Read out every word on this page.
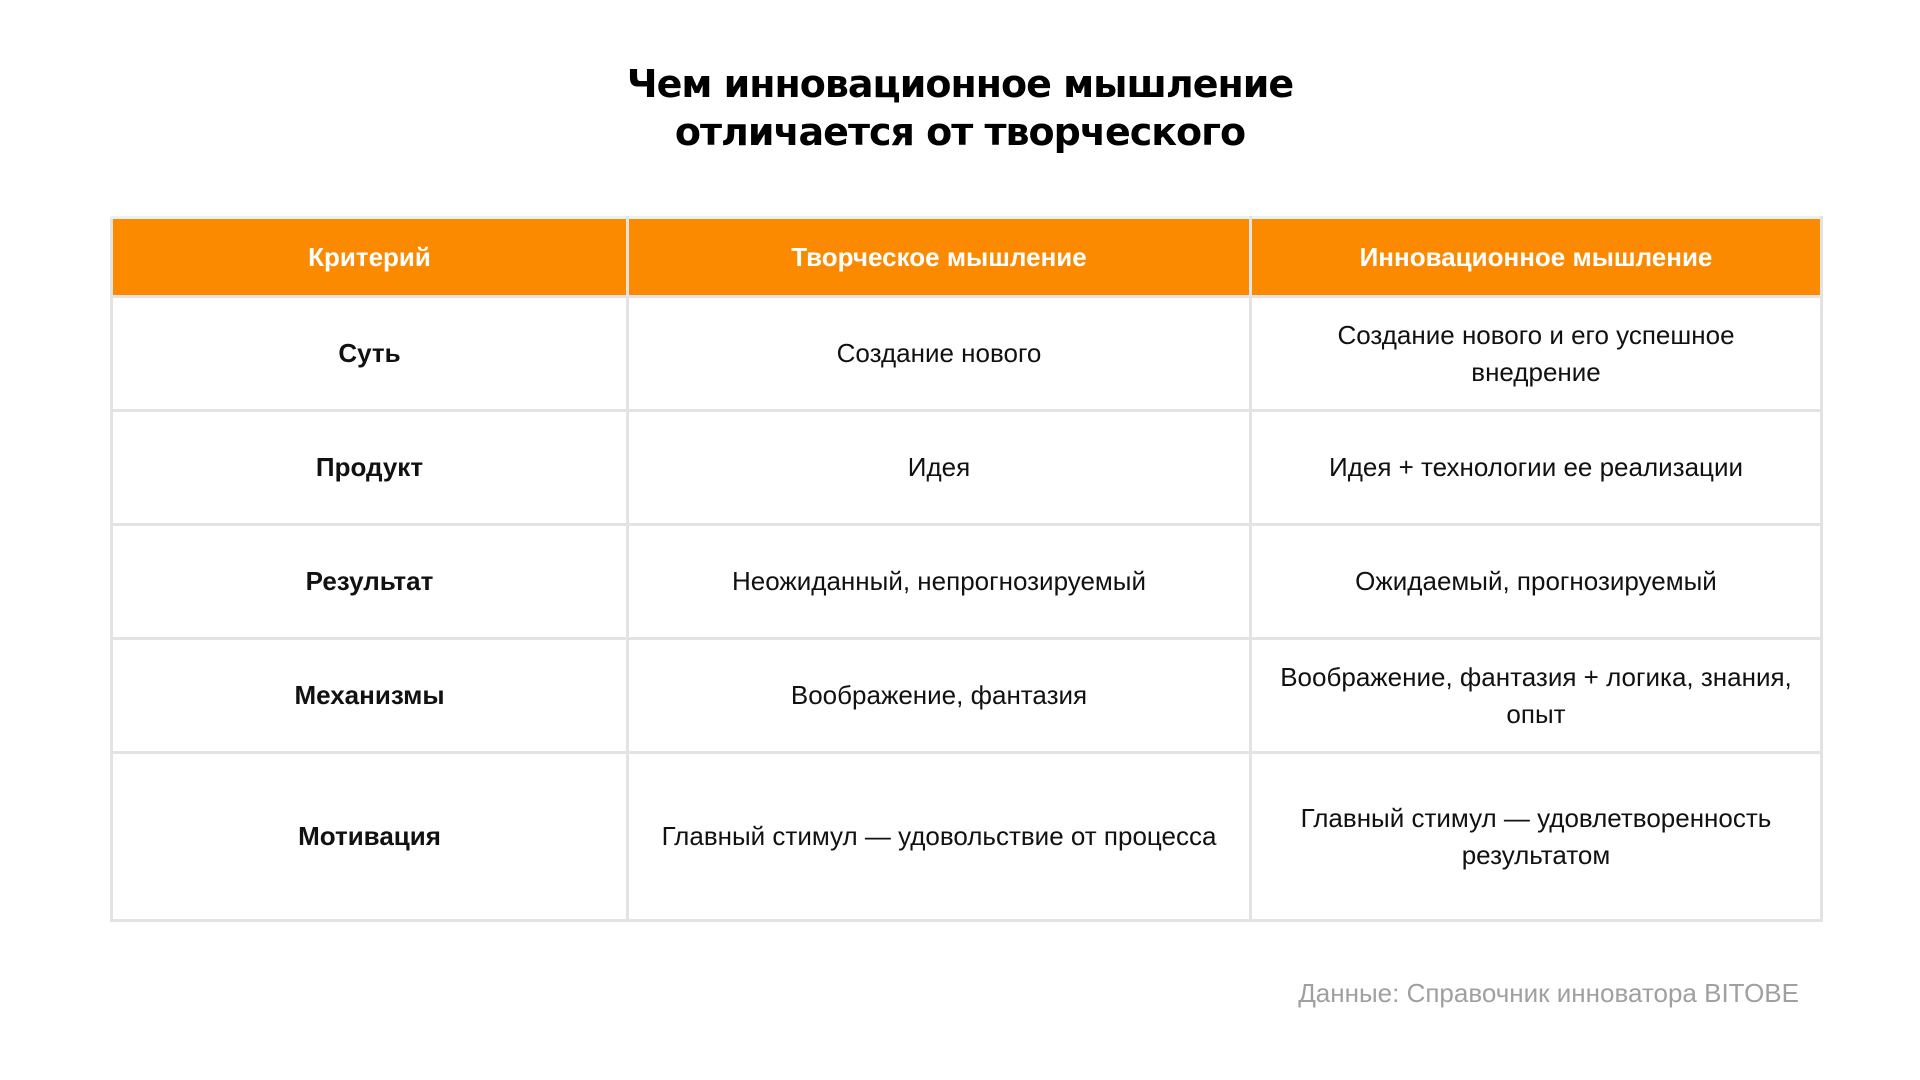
Чем инновационное мышление
отличается от творческого
Критерий	Творческое мышление	Инновационное мышление
Суть	Создание нового	Создание нового и его успешное внедрение
Продукт	Идея	Идея + технологии ее реализации
Результат	Неожиданный, непрогнозируемый	Ожидаемый, прогнозируемый
Механизмы	Воображение, фантазия	Воображение, фантазия + логика, знания, опыт
Мотивация	Главный стимул — удовольствие от процесса	Главный стимул — удовлетворенность результатом
Данные: Справочник инноватора BITOBE
